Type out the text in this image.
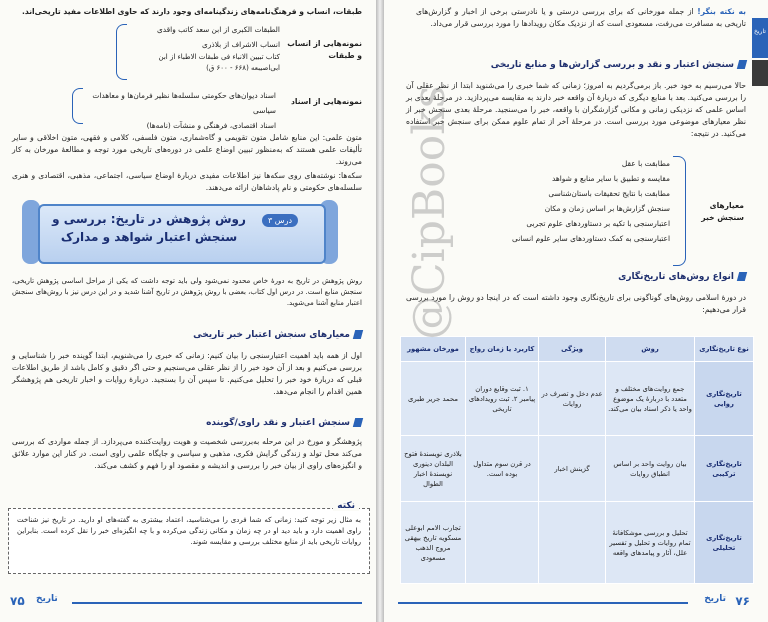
طبقات، انساب و فرهنگ‌نامه‌های زندگینامه‌ای وجود دارند که حاوی اطلاعات مفید تاریخی‌اند.
نمونه‌هایی از انساب و طبقات
الطبقات الکبری از ابن سعد کاتب واقدی
انساب الاشراف از بلاذری
کتاب تبیین الانباء فی طبقات الاطباء از ابن ابی‌اصیبعه (۶۶۸ - ۶۰۰ ق)
نمونه‌هایی از اسناد
اسناد دیوان‌های حکومتی سلسله‌ها نظیر فرمان‌ها و معاهدات سیاسی
اسناد اقتصادی، فرهنگی و منشآت (نامه‌ها)
متون علمی: این منابع شامل متون تقویمی و گاه‌شماری، متون فلسفی، کلامی و فقهی، متون اخلاقی و سایر تألیفات علمی هستند که به‌منظور تبیین اوضاع علمی در دوره‌های تاریخی مورد توجه و مطالعهٔ مورخان به کار می‌روند.
سکه‌ها: نوشته‌های روی سکه‌ها نیز اطلاعات مفیدی دربارهٔ اوضاع سیاسی، اجتماعی، مذهبی، اقتصادی و هنری سلسله‌های حکومتی و نام پادشاهان ارائه می‌دهند.
درس ۳
روش پژوهش در تاریخ: بررسی و سنجش اعتبار شواهد و مدارک
روش پژوهش در تاریخ به دورهٔ خاص محدود نمی‌شود ولی باید توجه داشت که یکی از مراحل اساسی پژوهش تاریخی، سنجش منابع است. در درس اول کتاب، بعضی با روش پژوهش در تاریخ آشنا شدید و در این درس نیز با روش‌های سنجش اعتبار منابع آشنا می‌شوید.
معیارهای سنجش اعتبار خبر تاریخی
اول از همه باید اهمیت اعتبارسنجی را بیان کنیم: زمانی که خبری را می‌شنویم، ابتدا گوینده خبر را شناسایی و بررسی می‌کنیم و بعد از آن خود خبر را از نظر عقلی می‌سنجیم و حتی اگر دقیق و کامل باشد از طریق اطلاعات قبلی که دربارهٔ خود خبر را تحلیل می‌کنیم. تا سپس آن را بسنجید. دربارهٔ روایات و اخبار تاریخی هم پژوهشگر همین اقدام را انجام می‌دهد.
سنجش اعتبار و نقد راوی/گوینده
پژوهشگر و مورخ در این مرحله به‌بررسی شخصیت و هویت روایت‌کننده می‌پردازد. از جمله مواردی که بررسی می‌کند محل تولد و زندگی گرایش فکری، مذهبی و سیاسی و جایگاه علمی راوی است. در کنار این موارد علائق و انگیزه‌های راوی از بیان خبر را بررسی و اندیشه و مقصود او را فهم و کشف می‌کند.
نکته
به مثال زیر توجه کنید: زمانی که شما فردی را می‌شناسید، اعتماد بیشتری به گفته‌های او دارید. در تاریخ نیز شناخت راوی اهمیت دارد و باید دید او در چه زمان و مکانی زندگی می‌کرده و با چه انگیزه‌ای خبر را نقل کرده است. بنابراین روایات تاریخی باید از منابع مختلف بررسی و مقایسه شوند.
۷۵ تاریخ
تاریخ
به نکته بنگر! از جمله مورخانی که برای بررسی درستی و یا نادرستی برخی از اخبار و گزارش‌های تاریخی به مسافرت می‌رفت، مسعودی است که از نزدیک مکان رویدادها را مورد بررسی قرار می‌داد.
سنجش اعتبار و نقد و بررسی گزارش‌ها و منابع تاریخی
حالا می‌رسیم به خود خبر. باز برمی‌گردیم به امروز؛ زمانی که شما خبری را می‌شنوید ابتدا از نظر عقلی آن را بررسی می‌کنید. بعد با منابع دیگری که دربارهٔ آن واقعه خبر دارند به مقایسه می‌پردازید. در مرحلهٔ بعدی بر اساس علمی که نزدیکی زمانی و مکانی گزارشگران با واقعه، خبر را می‌سنجید. مرحلهٔ بعدی سنجش خبر از نظر معیارهای موضوعی مورد بررسی است. در مرحلهٔ آخر از تمام علوم ممکن برای سنجش خبر استفاده می‌کنید. در نتیجه:
معیارهای سنجش خبر
مطابقت با عقل
مقایسه و تطبیق با سایر منابع و شواهد
مطابقت با نتایج تحقیقات باستان‌شناسی
سنجش گزارش‌ها بر اساس زمان و مکان
اعتبارسنجی با تکیه بر دستاوردهای علوم تجربی
اعتبارسنجی به کمک دستاوردهای سایر علوم انسانی
انواع روش‌های تاریخ‌نگاری
در دورهٔ اسلامی روش‌های گوناگونی برای تاریخ‌نگاری وجود داشته است که در اینجا دو روش را مورد بررسی قرار می‌دهیم:
نوع تاریخ‌نگاری	روش	ویژگی	کاربرد یا زمان رواج	مورخان مشهور
تاریخ‌نگاری روایی	جمع روایت‌های مختلف و متعدد با دربارهٔ یک موضوع واحد یا ذکر اسناد بیان می‌کند.	عدم دخل و تصرف در روایات	۱. ثبت وقایع دوران پیامبر ۲. ثبت رویدادهای تاریخی	محمد جریر طبری
تاریخ‌نگاری ترکیبی	بیان روایت واحد بر اساس انطباق روایات	گزینش اخبار	در قرن سوم متداول بوده است.	بلاذری نویسندهٔ فتوح البلدان دینوری نویسندهٔ اخبار الطوال
تاریخ‌نگاری تحلیلی	تحلیل و بررسی موشکافانهٔ تمام روایات و تحلیل و تفسیر علل، آثار و پیامدهای واقعه			تجارب الامم ابوعلی مسکویه تاریخ بیهقی مروج الذهب مسعودی
۷۶
تاریخ
@CipBooks
